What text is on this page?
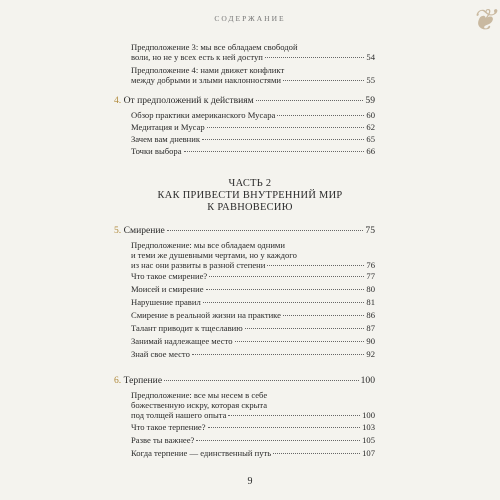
СОДЕРЖАНИЕ	❦
Предположение 3: мы все обладаем свободой
воли, но не у всех есть к ней доступ	54
Предположение 4: нами движет конфликт
между добрыми и злыми наклонностями	55
4. От предположений к действиям	59
Обзор практики американского Мусара	60
Медитация и Мусар	62
Зачем вам дневник	65
Точки выбора	66
ЧАСТЬ 2
КАК ПРИВЕСТИ ВНУТРЕННИЙ МИР
К РАВНОВЕСИЮ
5. Смирение	75
Предположение: мы все обладаем одними
и теми же душевными чертами, но у каждого
из нас они развиты в разной степени	76
Что такое смирение?	77
Моисей и смирение	80
Нарушение правил	81
Смирение в реальной жизни на практике	86
Талант приводит к тщеславию	87
Занимай надлежащее место	90
Знай свое место	92
6. Терпение	100
Предположение: все мы несем в себе
божественную искру, которая скрыта
под толщей нашего опыта	100
Что такое терпение?	103
Разве ты важнее?	105
Когда терпение — единственный путь	107
9
